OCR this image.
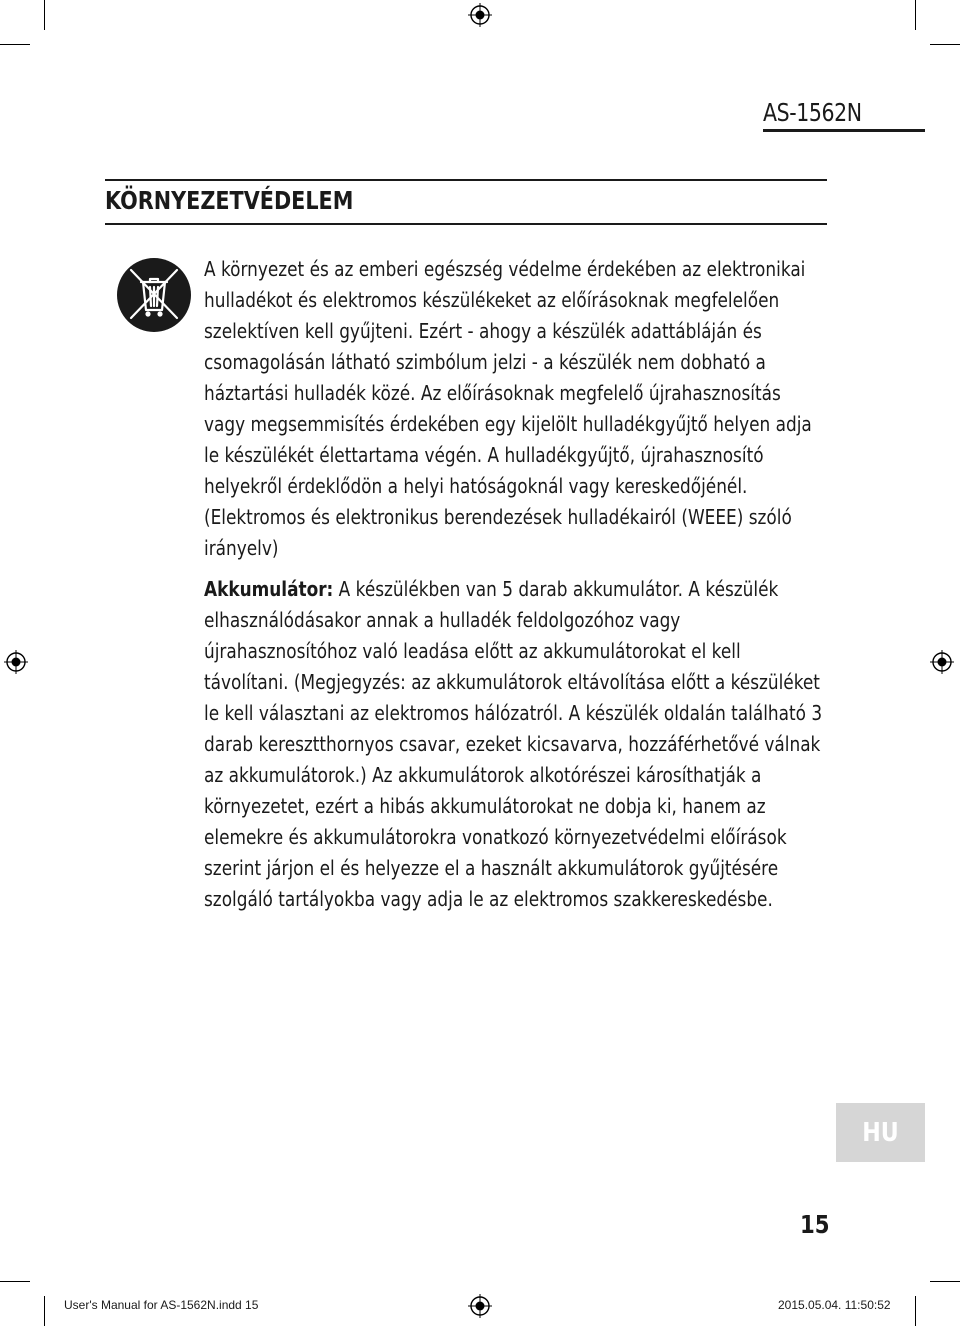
AS-1562N
KÖRNYEZETVÉDELEM

A környezet és az emberi egészség védelme érdekében az elektronikai hulladékot és elektromos készülékeket az előírásoknak megfelelően szelektíven kell gyűjteni. Ezért - ahogy a készülék adattábláján és csomagolásán látható szimbólum jelzi - a készülék nem dobható a háztartási hulladék közé. Az előírásoknak megfelelő újrahasznosítás vagy megsemmisítés érdekében egy kijelölt hulladékgyűjtő helyen adja le készülékét élettartama végén. A hulladékgyűjtő, újrahasznosító helyekről érdeklődön a helyi hatóságoknál vagy kereskedőjénél. (Elektromos és elektronikus berendezések hulladékairól (WEEE) szóló irányelv)

Akkumulátor: A készülékben van 5 darab akkumulátor. A készülék elhasználódásakor annak a hulladék feldolgozóhoz vagy újrahasznosítóhoz való leadása előtt az akkumulátorokat el kell távolítani. (Megjegyzés: az akkumulátorok eltávolítása előtt a készüléket le kell választani az elektromos hálózatról. A készülék oldalán található 3 darab keresztthornyos csavar, ezeket kicsavarva, hozzáférhetővé válnak az akkumulátorok.) Az akkumulátorok alkotórészei károsíthatják a környezetet, ezért a hibás akkumulátorokat ne dobja ki, hanem az elemekre és akkumulátorokra vonatkozó környezetvédelmi előírások szerint járjon el és helyezze el a használt akkumulátorok gyűjtésére szolgáló tartályokba vagy adja le az elektromos szakkereskedésbe.

HU
15
User's Manual for AS-1562N.indd 15	2015.05.04. 11:50:52
